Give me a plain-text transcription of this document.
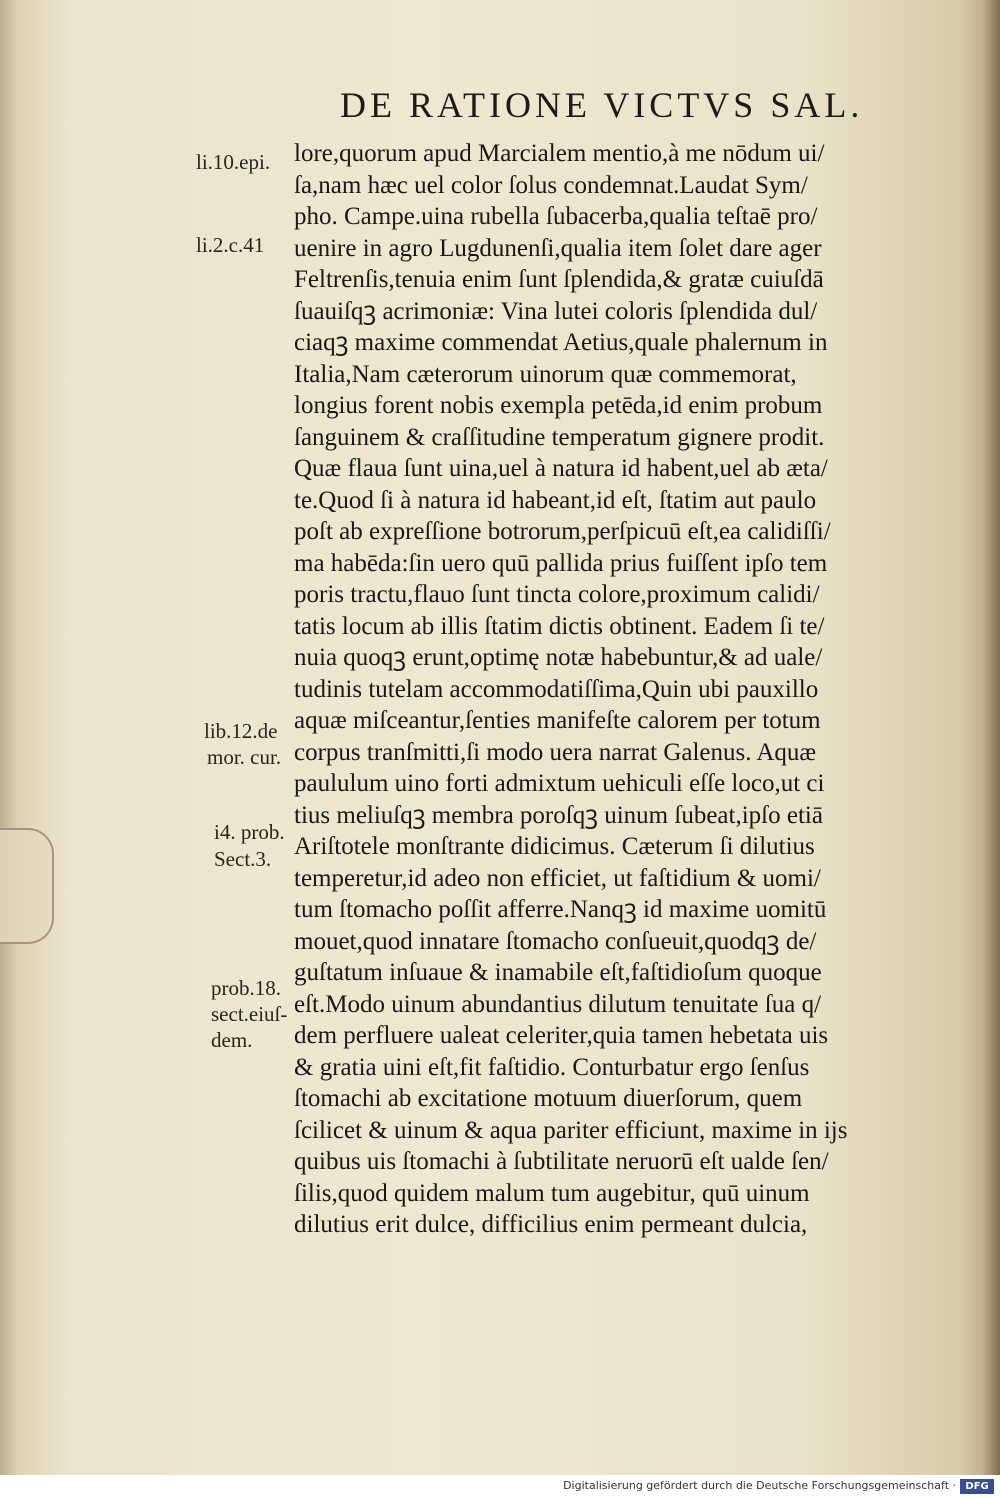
DE RATIONE VICTVS SAL.
li.10.epi.
li.2.c.41
lib.12.de
mor. cur.
i4. prob.
Sect.3.
prob.18.
sect.eiuſ-
dem.
lore,quorum apud Marcialem mentio,à me nōdum ui/
ſa,nam hæc uel color ſolus condemnat.Laudat Sym/
pho. Campe.uina rubella ſubacerba,qualia teſtaē pro/
uenire in agro Lugdunenſi,qualia item ſolet dare ager
Feltrenſis,tenuia enim ſunt ſplendida,& gratæ cuiuſdā
ſuauiſqꝫ acrimoniæ: Vina lutei coloris ſplendida dul/
ciaqꝫ maxime commendat Aetius,quale phalernum in
Italia,Nam cæterorum uinorum quæ commemorat,
longius forent nobis exempla petēda,id enim probum
ſanguinem & craſſitudine temperatum gignere prodit.
Quæ flaua ſunt uina,uel à natura id habent,uel ab æta/
te.Quod ſi à natura id habeant,id eſt, ſtatim aut paulo
poſt ab expreſſione botrorum,perſpicuū eſt,ea calidiſſi/
ma habēda:ſin uero quū pallida prius fuiſſent ipſo tem
poris tractu,flauo ſunt tincta colore,proximum calidi/
tatis locum ab illis ſtatim dictis obtinent. Eadem ſi te/
nuia quoqꝫ erunt,optimę notæ habebuntur,& ad uale/
tudinis tutelam accommodatiſſima,Quin ubi pauxillo
aquæ miſceantur,ſenties manifeſte calorem per totum
corpus tranſmitti,ſi modo uera narrat Galenus. Aquæ
paululum uino forti admixtum uehiculi eſſe loco,ut ci
tius meliuſqꝫ membra poroſqꝫ uinum ſubeat,ipſo etiā
Ariſtotele monſtrante didicimus. Cæterum ſi dilutius
temperetur,id adeo non efficiet, ut faſtidium & uomi/
tum ſtomacho poſſit afferre.Nanqꝫ id maxime uomitū
mouet,quod innatare ſtomacho conſueuit,quodqꝫ de/
guſtatum inſuaue & inamabile eſt,faſtidioſum quoque
eſt.Modo uinum abundantius dilutum tenuitate ſua q/
dem perfluere ualeat celeriter,quia tamen hebetata uis
& gratia uini eſt,fit faſtidio. Conturbatur ergo ſenſus
ſtomachi ab excitatione motuum diuerſorum, quem
ſcilicet & uinum & aqua pariter efficiunt, maxime in ĳs
quibus uis ſtomachi à ſubtilitate neruorū eſt ualde ſen/
ſilis,quod quidem malum tum augebitur, quū uinum
dilutius erit dulce, difficilius enim permeant dulcia,
Digitalisierung gefördert durch die Deutsche Forschungsgemeinschaft · DFG
